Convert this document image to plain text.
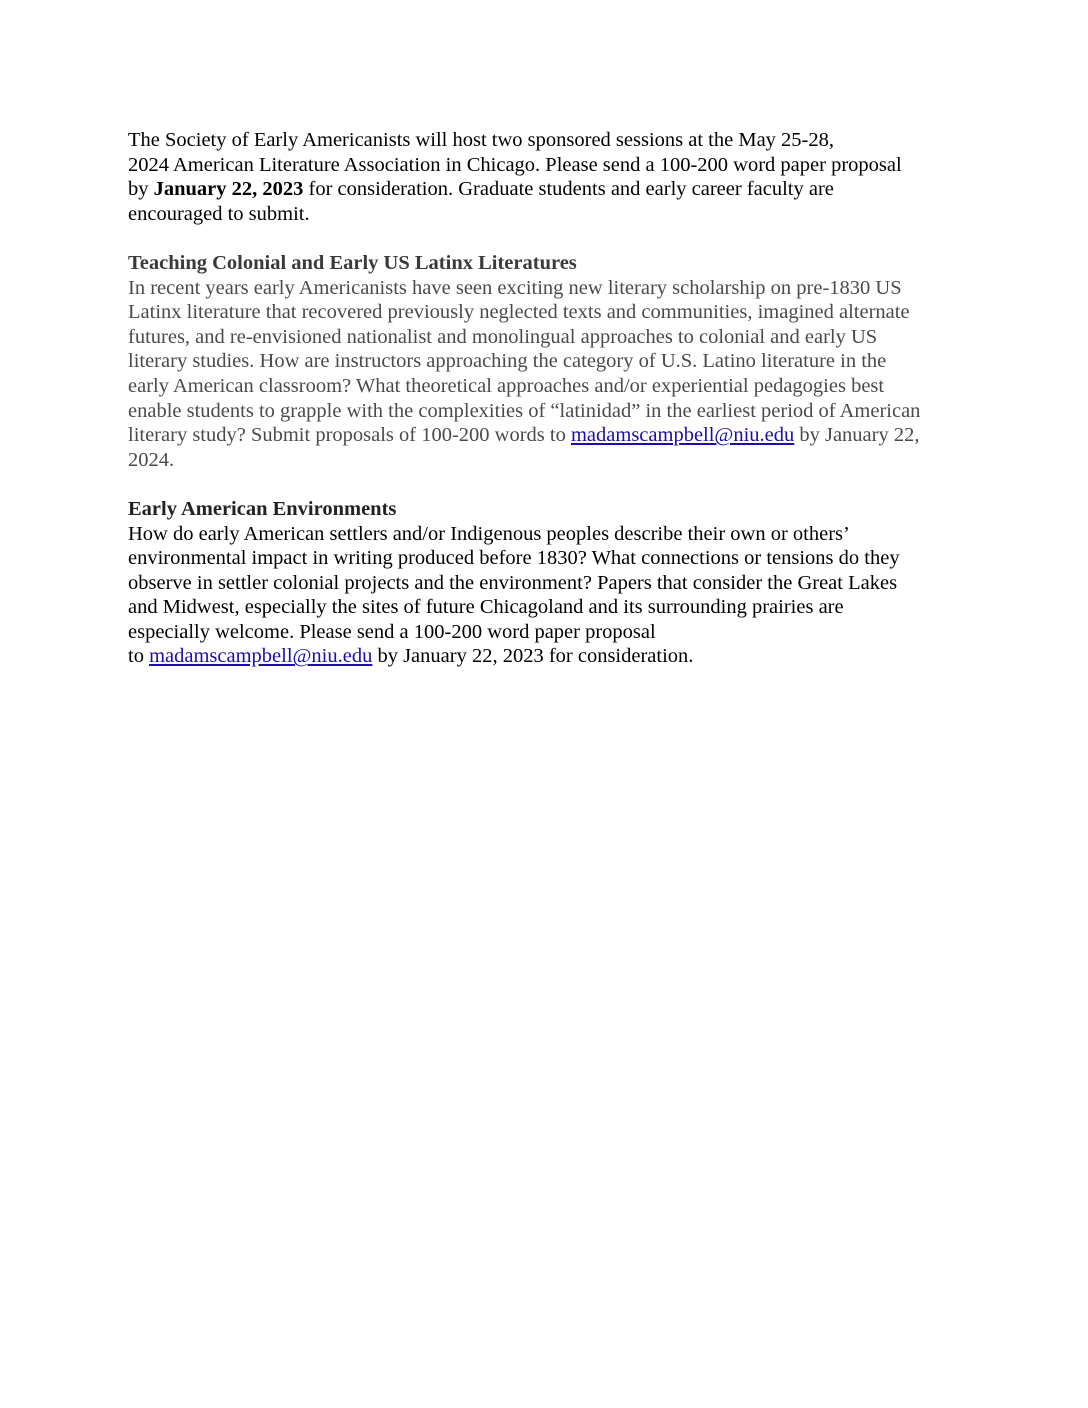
The Society of Early Americanists will host two sponsored sessions at the May 25-28,
2024 American Literature Association in Chicago. Please send a 100-200 word paper proposal
by January 22, 2023 for consideration. Graduate students and early career faculty are
encouraged to submit.

Teaching Colonial and Early US Latinx Literatures

In recent years early Americanists have seen exciting new literary scholarship on pre-1830 US
Latinx literature that recovered previously neglected texts and communities, imagined alternate
futures, and re-envisioned nationalist and monolingual approaches to colonial and early US
literary studies. How are instructors approaching the category of U.S. Latino literature in the
early American classroom? What theoretical approaches and/or experiential pedagogies best
enable students to grapple with the complexities of “latinidad” in the earliest period of American
literary study? Submit proposals of 100-200 words to madamscampbell@niu.edu by January 22,
2024.

Early American Environments

How do early American settlers and/or Indigenous peoples describe their own or others’
environmental impact in writing produced before 1830? What connections or tensions do they
observe in settler colonial projects and the environment? Papers that consider the Great Lakes
and Midwest, especially the sites of future Chicagoland and its surrounding prairies are
especially welcome. Please send a 100-200 word paper proposal
to madamscampbell@niu.edu by January 22, 2023 for consideration.
